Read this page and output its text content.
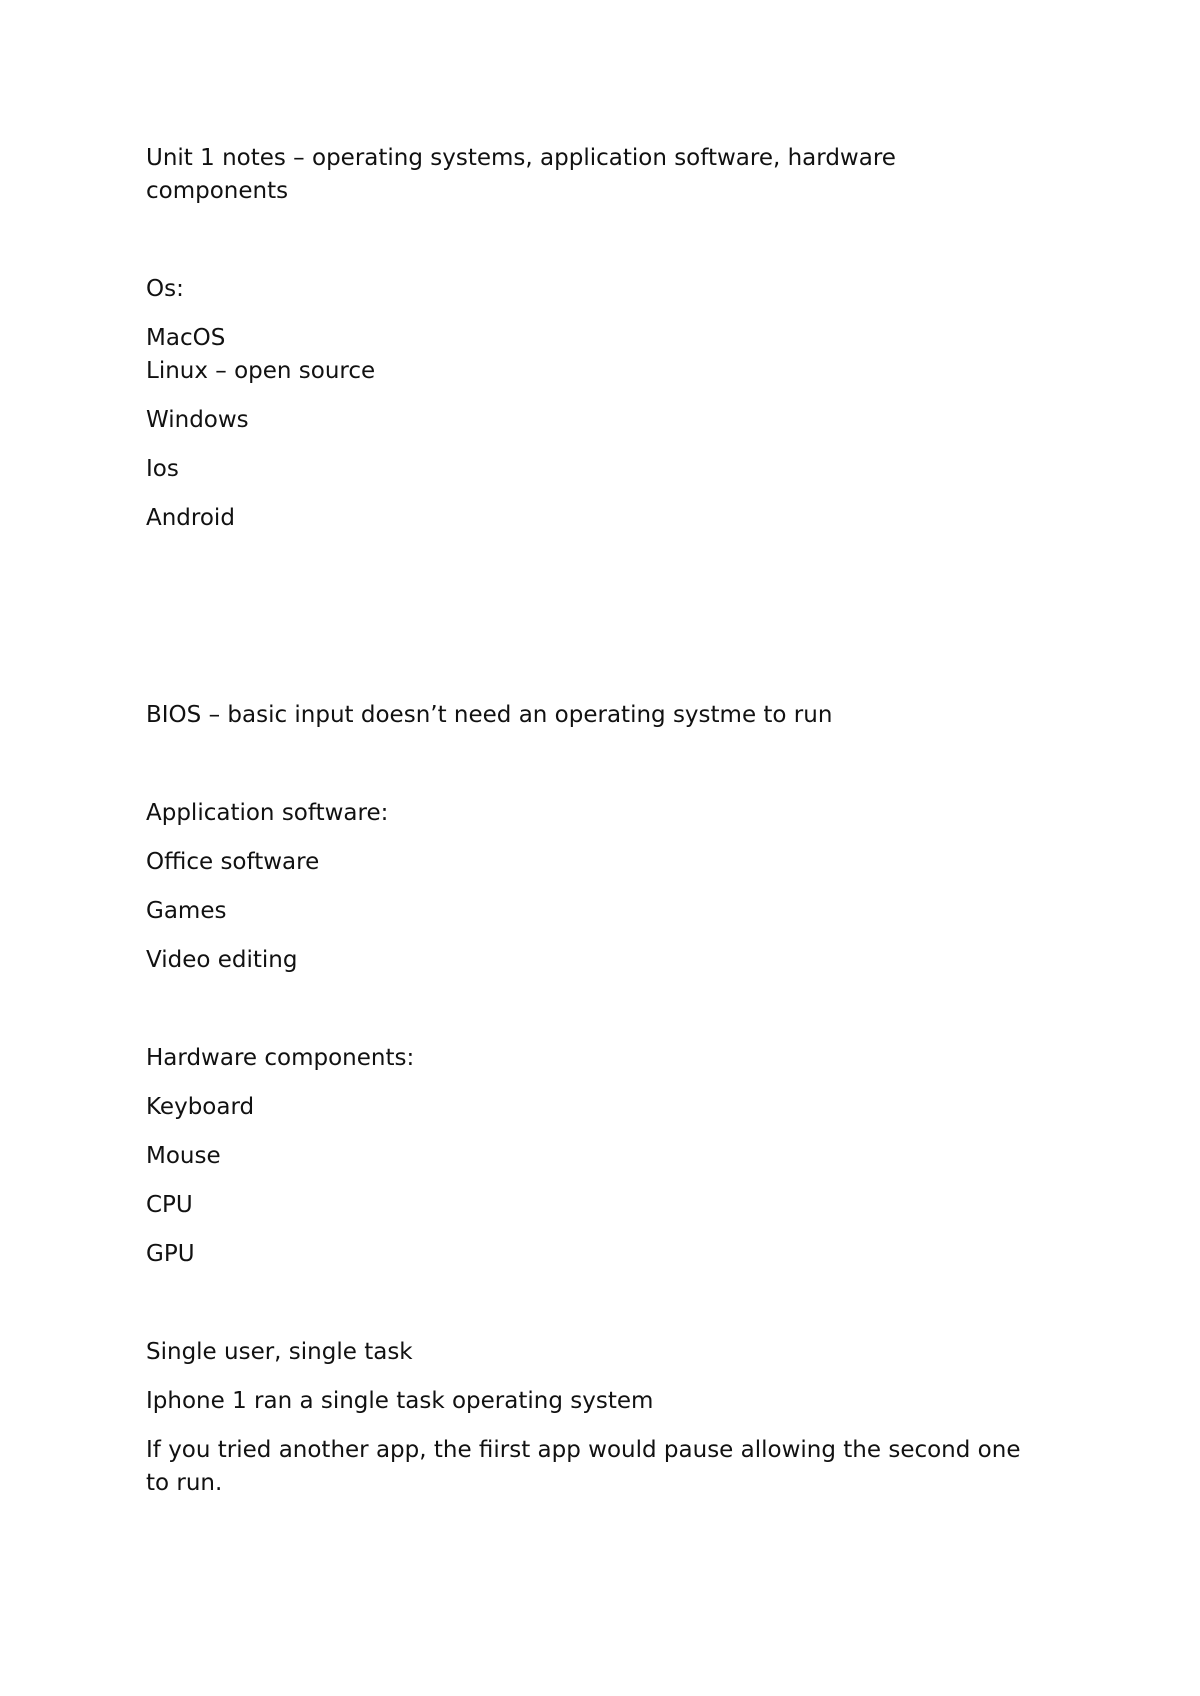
Unit 1 notes – operating systems, application software, hardware components
Os:
MacOS
Linux – open source
Windows
Ios
Android
BIOS – basic input doesn’t need an operating systme to run
Application software:
Office software
Games
Video editing
Hardware components:
Keyboard
Mouse
CPU
GPU
Single user, single task
Iphone 1 ran a single task operating system
If you tried another app, the fiirst app would pause allowing the second one to run.
